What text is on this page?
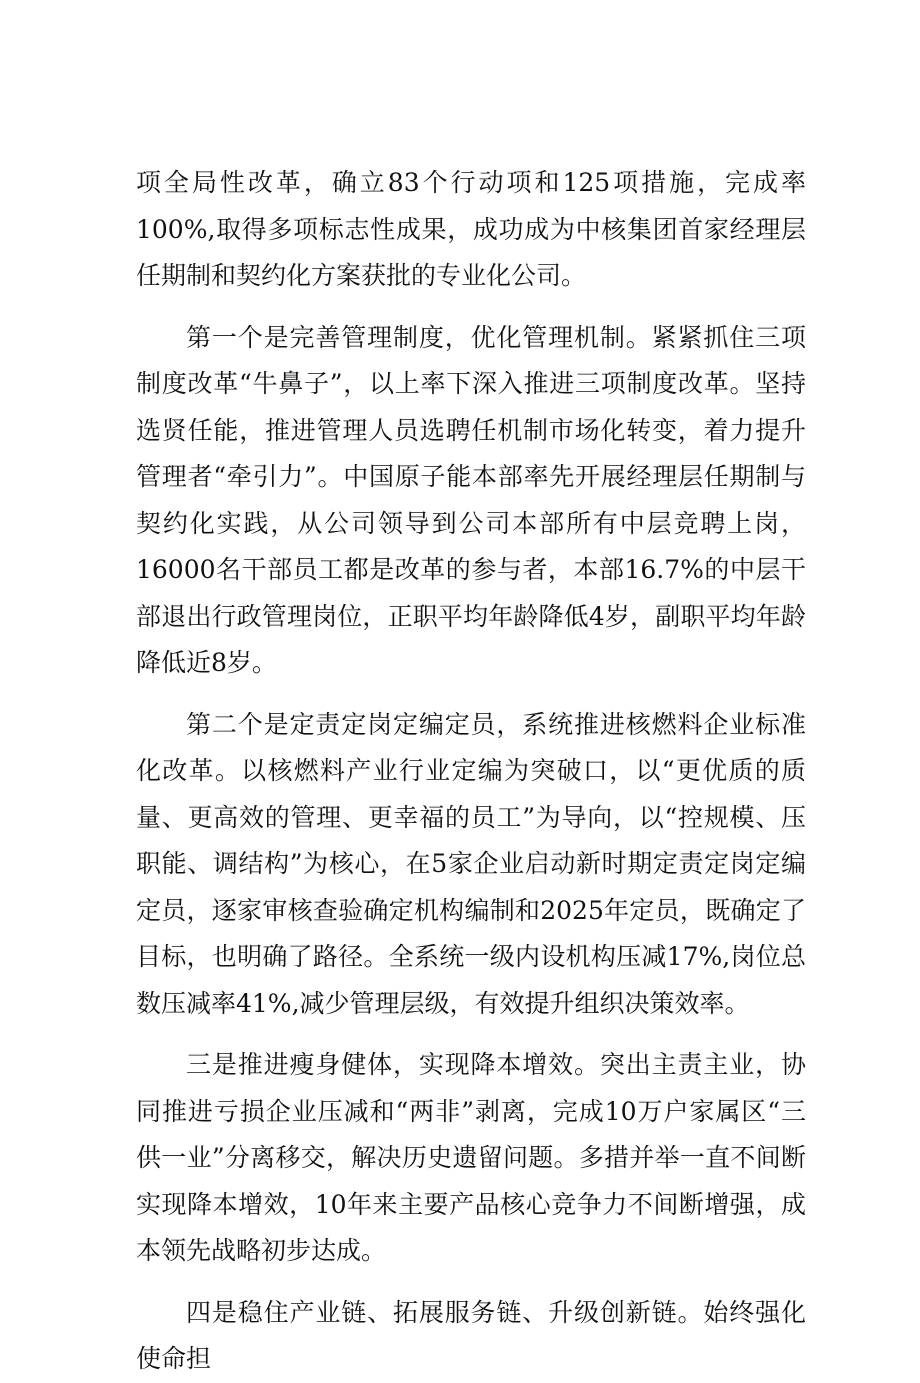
项全局性改革，确立83个行动项和125项措施，完成率100%,取得多项标志性成果，成功成为中核集团首家经理层任期制和契约化方案获批的专业化公司。

第一个是完善管理制度，优化管理机制。紧紧抓住三项制度改革“牛鼻子”，以上率下深入推进三项制度改革。坚持选贤任能，推进管理人员选聘任机制市场化转变，着力提升管理者“牵引力”。中国原子能本部率先开展经理层任期制与契约化实践，从公司领导到公司本部所有中层竞聘上岗，16000名干部员工都是改革的参与者，本部16.7%的中层干部退出行政管理岗位，正职平均年龄降低4岁，副职平均年龄降低近8岁。

第二个是定责定岗定编定员，系统推进核燃料企业标准化改革。以核燃料产业行业定编为突破口，以“更优质的质量、更高效的管理、更幸福的员工”为导向，以“控规模、压职能、调结构”为核心，在5家企业启动新时期定责定岗定编定员，逐家审核查验确定机构编制和2025年定员，既确定了目标，也明确了路径。全系统一级内设机构压减17%,岗位总数压减率41%,减少管理层级，有效提升组织决策效率。

三是推进瘦身健体，实现降本增效。突出主责主业，协同推进亏损企业压减和“两非”剥离，完成10万户家属区“三供一业”分离移交，解决历史遗留问题。多措并举一直不间断实现降本增效，10年来主要产品核心竞争力不间断增强，成本领先战略初步达成。

四是稳住产业链、拓展服务链、升级创新链。始终强化使命担
